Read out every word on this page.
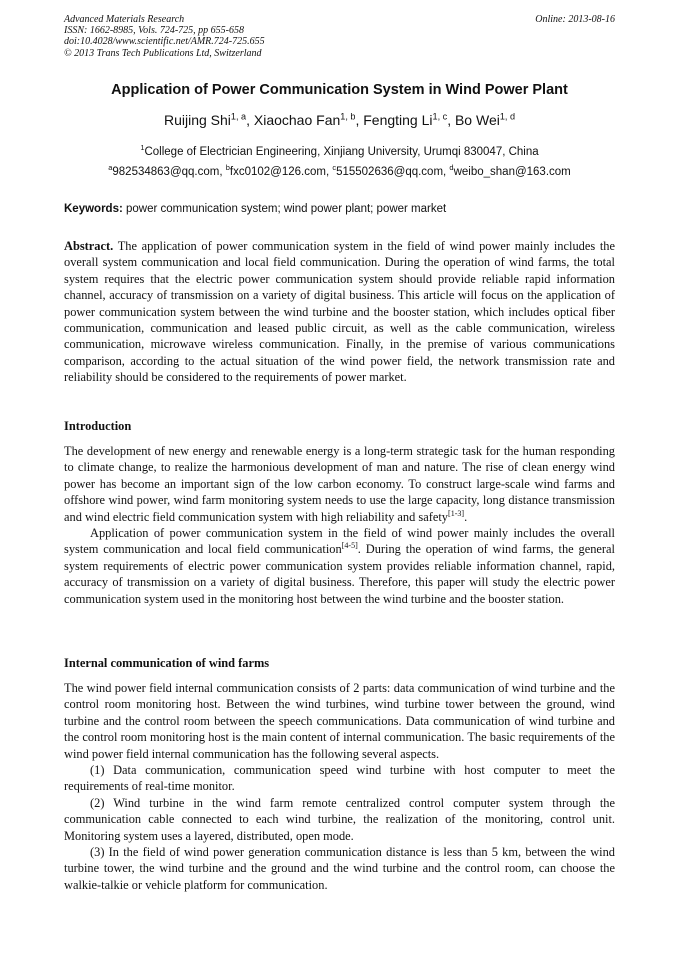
Advanced Materials Research
ISSN: 1662-8985, Vols. 724-725, pp 655-658
doi:10.4028/www.scientific.net/AMR.724-725.655
© 2013 Trans Tech Publications Ltd, Switzerland
Online: 2013-08-16
Application of Power Communication System in Wind Power Plant
Ruijing Shi$^{1, a}$, Xiaochao Fan$^{1, b}$, Fengting Li$^{1, c}$, Bo Wei$^{1, d}$
$^1$College of Electrician Engineering, Xinjiang University, Urumqi 830047, China
$^a$982534863@qq.com, $^b$fxc0102@126.com, $^c$515502636@qq.com, $^d$weibo_shan@163.com
Keywords: power communication system; wind power plant; power market

Abstract. The application of power communication system in the field of wind power mainly includes the overall system communication and local field communication. During the operation of wind farms, the total system requires that the electric power communication system should provide reliable rapid information channel, accuracy of transmission on a variety of digital business. This article will focus on the application of power communication system between the wind turbine and the booster station, which includes optical fiber communication, communication and leased public circuit, as well as the cable communication, wireless communication, microwave wireless communication. Finally, in the premise of various communications comparison, according to the actual situation of the wind power field, the network transmission rate and reliability should be considered to the requirements of power market.

Introduction

The development of new energy and renewable energy is a long-term strategic task for the human responding to climate change, to realize the harmonious development of man and nature. The rise of clean energy wind power has become an important sign of the low carbon economy. To construct large-scale wind farms and offshore wind power, wind farm monitoring system needs to use the large capacity, long distance transmission and wind electric field communication system with high reliability and safety[1-3].

Application of power communication system in the field of wind power mainly includes the overall system communication and local field communication[4-5]. During the operation of wind farms, the general system requirements of electric power communication system provides reliable information channel, rapid, accuracy of transmission on a variety of digital business. Therefore, this paper will study the electric power communication system used in the monitoring host between the wind turbine and the booster station.

Internal communication of wind farms

The wind power field internal communication consists of 2 parts: data communication of wind turbine and the control room monitoring host. Between the wind turbines, wind turbine tower between the ground, wind turbine and the control room between the speech communications. Data communication of wind turbine and the control room monitoring host is the main content of internal communication. The basic requirements of the wind power field internal communication has the following several aspects.

(1) Data communication, communication speed wind turbine with host computer to meet the requirements of real-time monitor.

(2) Wind turbine in the wind farm remote centralized control computer system through the communication cable connected to each wind turbine, the realization of the monitoring, control unit. Monitoring system uses a layered, distributed, open mode.

(3) In the field of wind power generation communication distance is less than 5 km, between the wind turbine tower, the wind turbine and the ground and the wind turbine and the control room, can choose the walkie-talkie or vehicle platform for communication.
